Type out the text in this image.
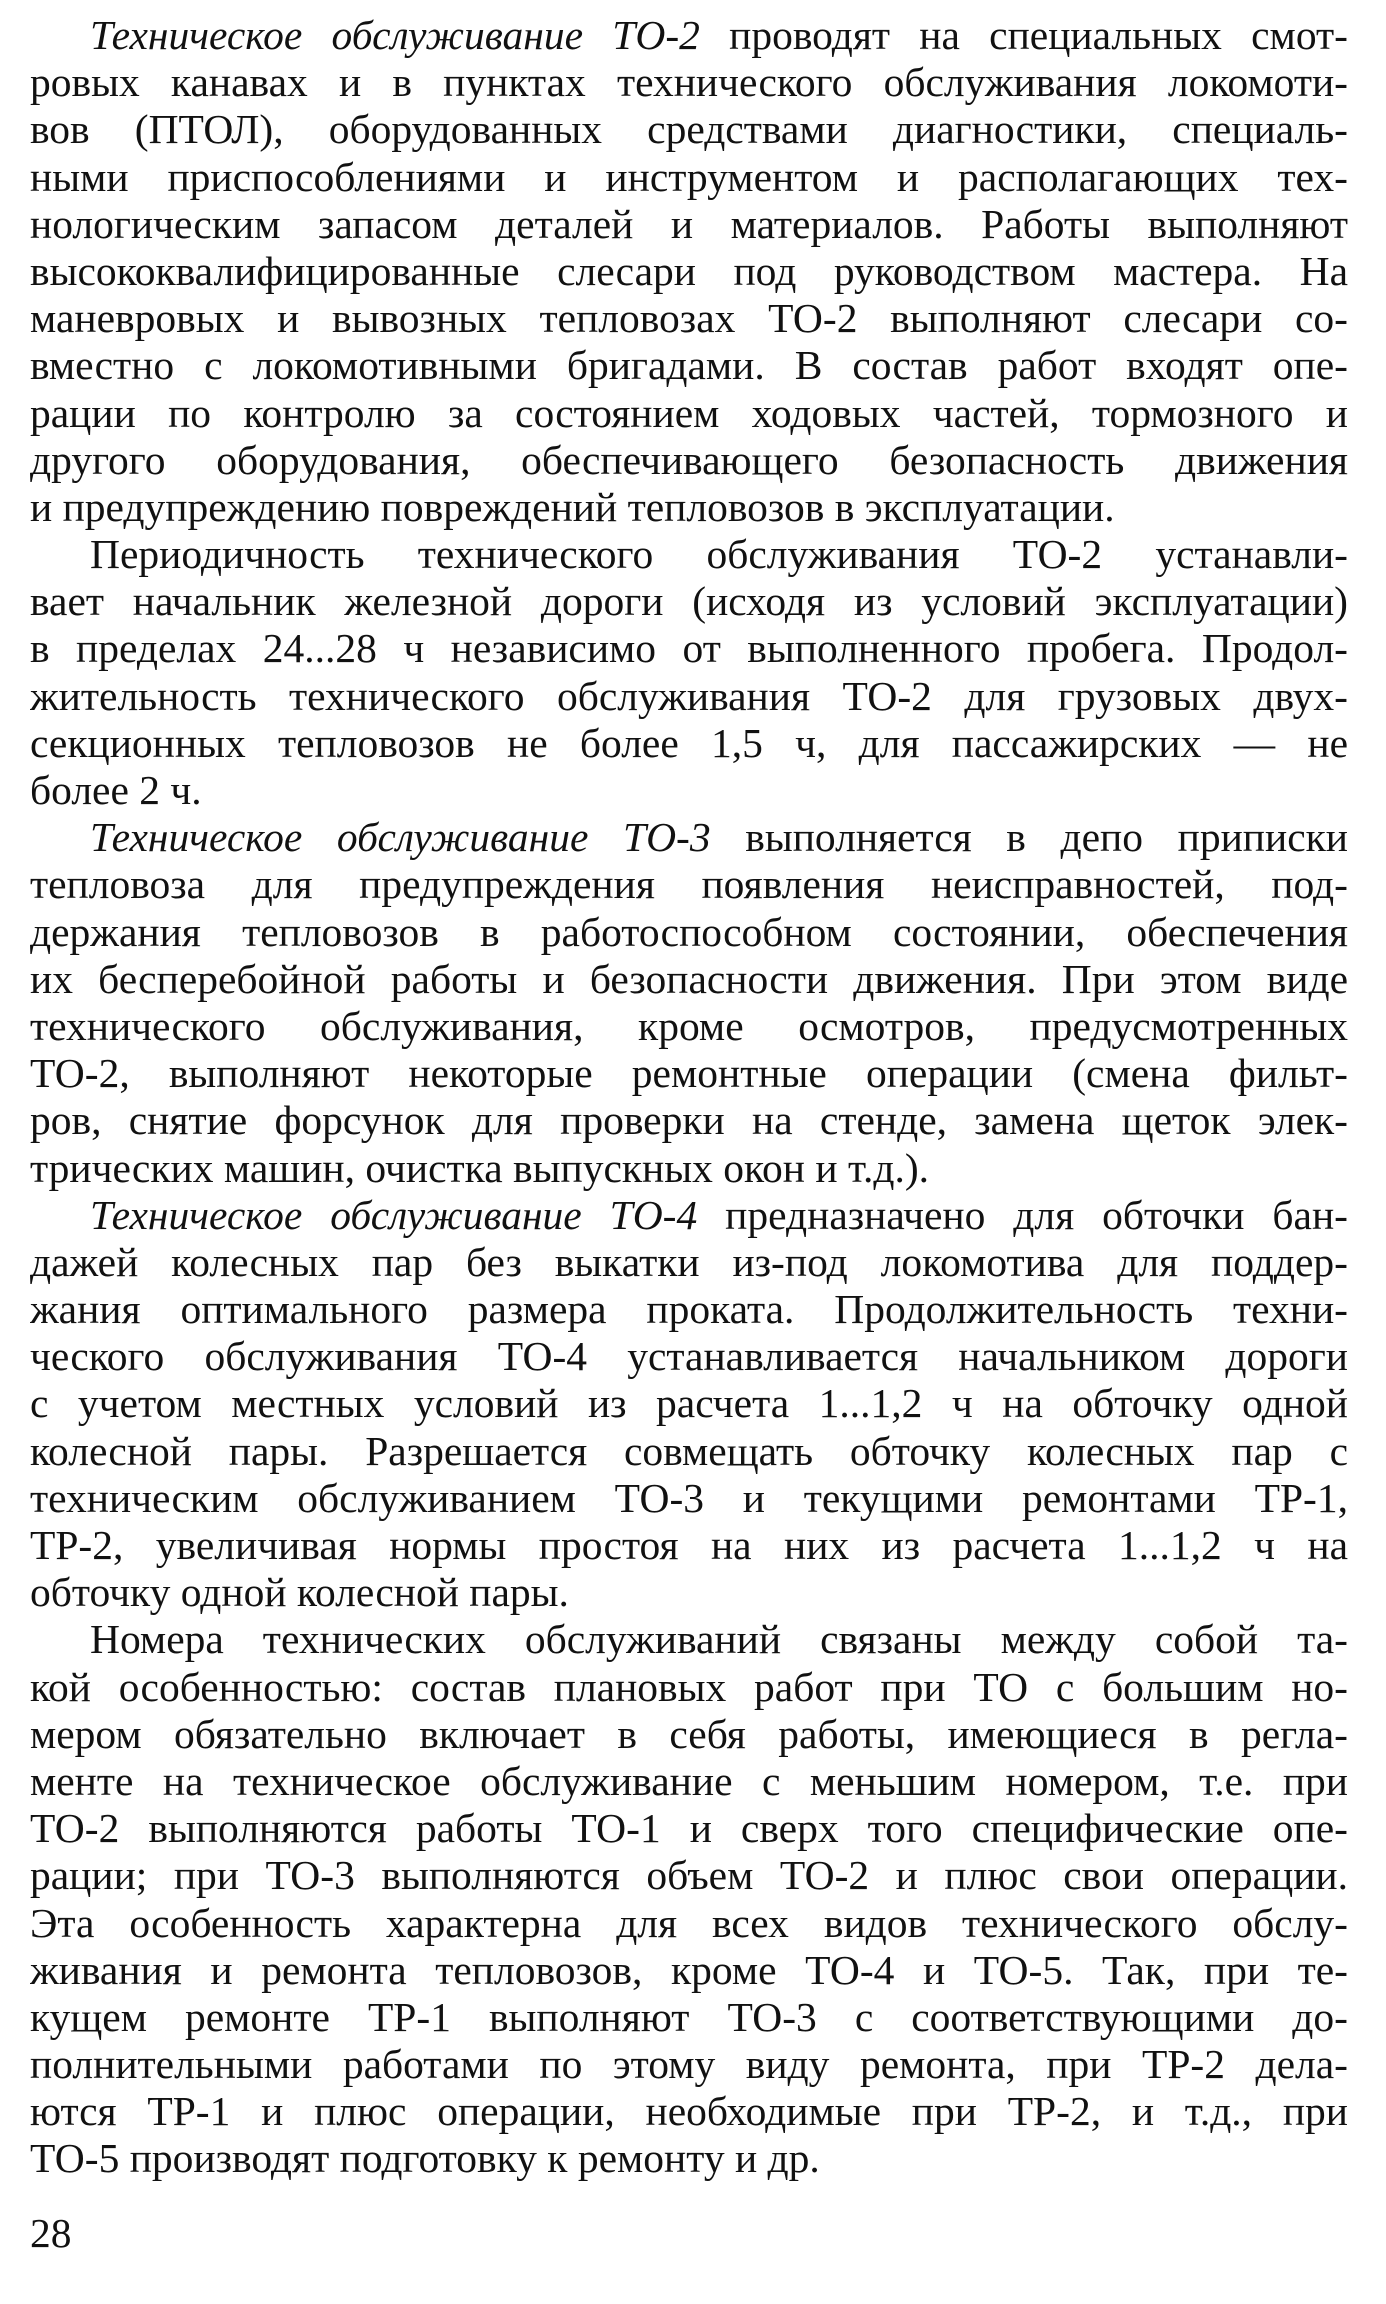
Техническое обслуживание ТО-2 проводят на специальных смот-
ровых канавах и в пунктах технического обслуживания локомоти-
вов (ПТОЛ), оборудованных средствами диагностики, специаль-
ными приспособлениями и инструментом и располагающих тех-
нологическим запасом деталей и материалов. Работы выполняют
высококвалифицированные слесари под руководством мастера. На
маневровых и вывозных тепловозах ТО-2 выполняют слесари со-
вместно с локомотивными бригадами. В состав работ входят опе-
рации по контролю за состоянием ходовых частей, тормозного и
другого оборудования, обеспечивающего безопасность движения
и предупреждению повреждений тепловозов в эксплуатации.
Периодичность технического обслуживания ТО-2 устанавли-
вает начальник железной дороги (исходя из условий эксплуатации)
в пределах 24...28 ч независимо от выполненного пробега. Продол-
жительность технического обслуживания ТО-2 для грузовых двух-
секционных тепловозов не более 1,5 ч, для пассажирских — не
более 2 ч.
Техническое обслуживание ТО-3 выполняется в депо приписки
тепловоза для предупреждения появления неисправностей, под-
держания тепловозов в работоспособном состоянии, обеспечения
их бесперебойной работы и безопасности движения. При этом виде
технического обслуживания, кроме осмотров, предусмотренных
ТО-2, выполняют некоторые ремонтные операции (смена фильт-
ров, снятие форсунок для проверки на стенде, замена щеток элек-
трических машин, очистка выпускных окон и т.д.).
Техническое обслуживание ТО-4 предназначено для обточки бан-
дажей колесных пар без выкатки из-под локомотива для поддер-
жания оптимального размера проката. Продолжительность техни-
ческого обслуживания ТО-4 устанавливается начальником дороги
с учетом местных условий из расчета 1...1,2 ч на обточку одной
колесной пары. Разрешается совмещать обточку колесных пар с
техническим обслуживанием ТО-3 и текущими ремонтами ТР-1,
ТР-2, увеличивая нормы простоя на них из расчета 1...1,2 ч на
обточку одной колесной пары.
Номера технических обслуживаний связаны между собой та-
кой особенностью: состав плановых работ при ТО с большим но-
мером обязательно включает в себя работы, имеющиеся в регла-
менте на техническое обслуживание с меньшим номером, т.е. при
ТО-2 выполняются работы ТО-1 и сверх того специфические опе-
рации; при ТО-3 выполняются объем ТО-2 и плюс свои операции.
Эта особенность характерна для всех видов технического обслу-
живания и ремонта тепловозов, кроме ТО-4 и ТО-5. Так, при те-
кущем ремонте ТР-1 выполняют ТО-3 с соответствующими до-
полнительными работами по этому виду ремонта, при ТР-2 дела-
ются ТР-1 и плюс операции, необходимые при ТР-2, и т.д., при
ТО-5 производят подготовку к ремонту и др.
28
